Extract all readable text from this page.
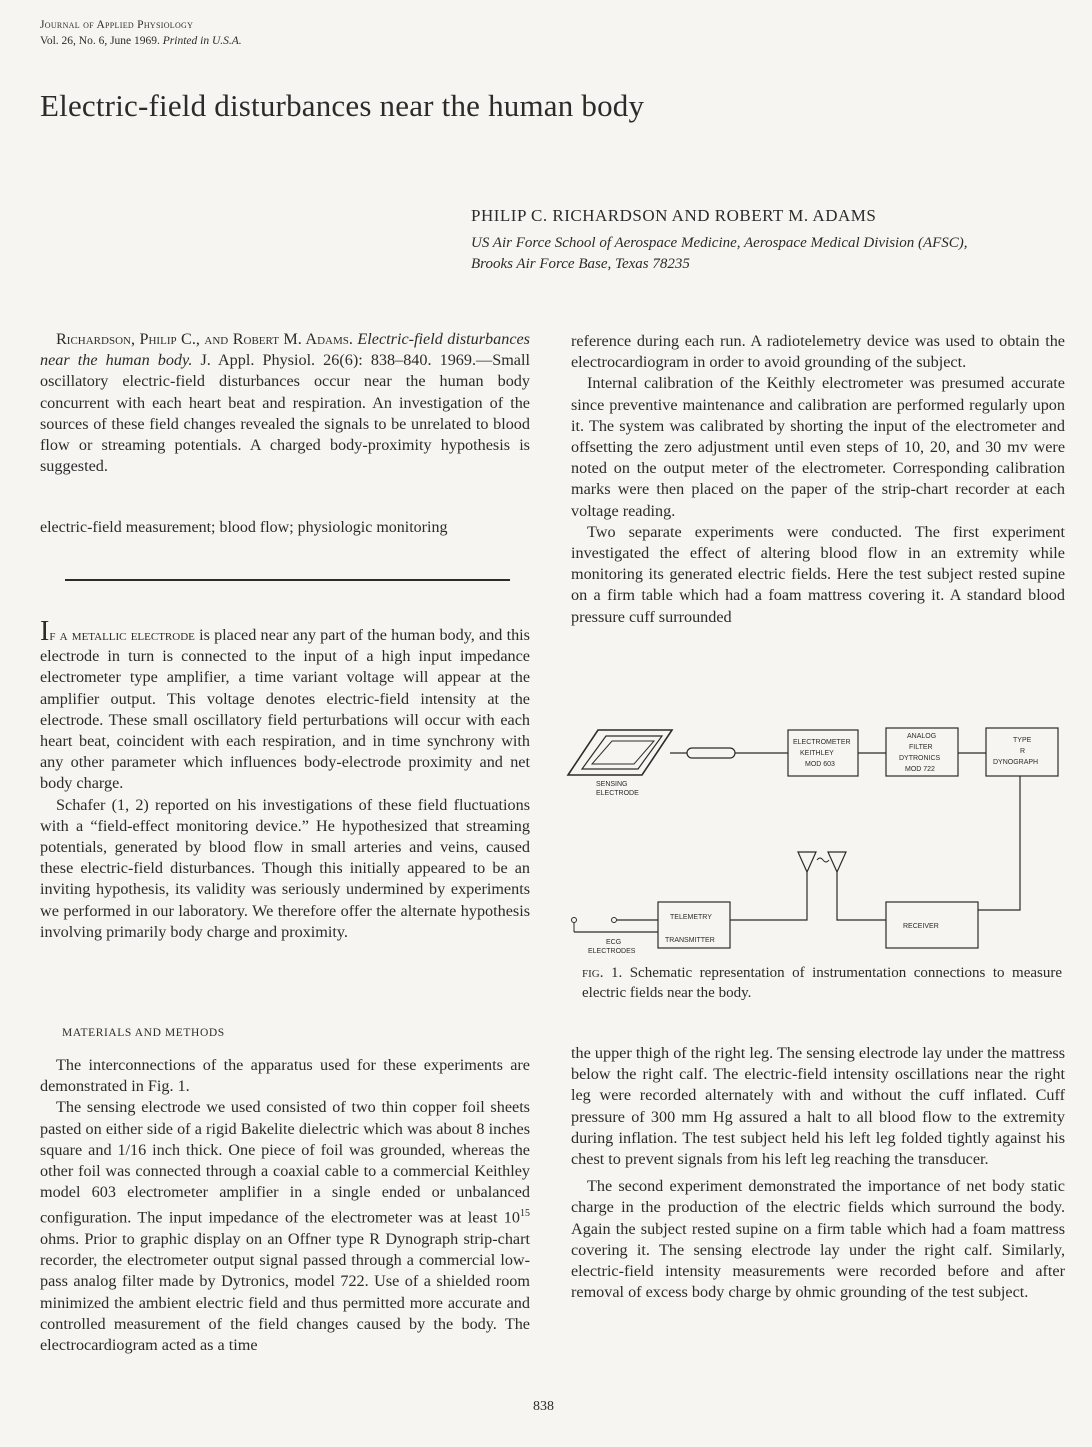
Journal of Applied Physiology
Vol. 26, No. 6, June 1969. Printed in U.S.A.
Electric-field disturbances near the human body
PHILIP C. RICHARDSON AND ROBERT M. ADAMS
US Air Force School of Aerospace Medicine, Aerospace Medical Division (AFSC),
Brooks Air Force Base, Texas 78235

Richardson, Philip C., and Robert M. Adams. Electric-field disturbances near the human body. J. Appl. Physiol. 26(6): 838–840. 1969.—Small oscillatory electric-field disturbances occur near the human body concurrent with each heart beat and respiration. An investigation of the sources of these field changes revealed the signals to be unrelated to blood flow or streaming potentials. A charged body-proximity hypothesis is suggested.

electric-field measurement; blood flow; physiologic monitoring

If a metallic electrode is placed near any part of the human body, and this electrode in turn is connected to the input of a high input impedance electrometer type amplifier, a time variant voltage will appear at the amplifier output. This voltage denotes electric-field intensity at the electrode. These small oscillatory field perturbations will occur with each heart beat, coincident with each respiration, and in time synchrony with any other parameter which influences body-electrode proximity and net body charge.

Schafer (1, 2) reported on his investigations of these field fluctuations with a “field-effect monitoring device.” He hypothesized that streaming potentials, generated by blood flow in small arteries and veins, caused these electric-field disturbances. Though this initially appeared to be an inviting hypothesis, its validity was seriously undermined by experiments we performed in our laboratory. We therefore offer the alternate hypothesis involving primarily body charge and proximity.

MATERIALS AND METHODS

The interconnections of the apparatus used for these experiments are demonstrated in Fig. 1.

The sensing electrode we used consisted of two thin copper foil sheets pasted on either side of a rigid Bakelite dielectric which was about 8 inches square and 1/16 inch thick. One piece of foil was grounded, whereas the other foil was connected through a coaxial cable to a commercial Keithley model 603 electrometer amplifier in a single ended or unbalanced configuration. The input impedance of the electrometer was at least $10^{15}$ ohms. Prior to graphic display on an Offner type R Dynograph strip-chart recorder, the electrometer output signal passed through a commercial low-pass analog filter made by Dytronics, model 722. Use of a shielded room minimized the ambient electric field and thus permitted more accurate and controlled measurement of the field changes caused by the body. The electrocardiogram acted as a time

reference during each run. A radiotelemetry device was used to obtain the electrocardiogram in order to avoid grounding of the subject.

Internal calibration of the Keithly electrometer was presumed accurate since preventive maintenance and calibration are performed regularly upon it. The system was calibrated by shorting the input of the electrometer and offsetting the zero adjustment until even steps of 10, 20, and 30 mv were noted on the output meter of the electrometer. Corresponding calibration marks were then placed on the paper of the strip-chart recorder at each voltage reading.

Two separate experiments were conducted. The first experiment investigated the effect of altering blood flow in an extremity while monitoring its generated electric fields. Here the test subject rested supine on a firm table which had a foam mattress covering it. A standard blood pressure cuff surrounded

SENSING
ELECTRODE
ELECTROMETER
KEITHLEY
MOD 603
ANALOG
FILTER
DYTRONICS
MOD 722
TYPE
R
DYNOGRAPH
RECEIVER
TELEMETRY
TRANSMITTER
ECG
ELECTRODES
fig. 1. Schematic representation of instrumentation connections to measure electric fields near the body.

the upper thigh of the right leg. The sensing electrode lay under the mattress below the right calf. The electric-field intensity oscillations near the right leg were recorded alternately with and without the cuff inflated. Cuff pressure of 300 mm Hg assured a halt to all blood flow to the extremity during inflation. The test subject held his left leg folded tightly against his chest to prevent signals from his left leg reaching the transducer.

The second experiment demonstrated the importance of net body static charge in the production of the electric fields which surround the body. Again the subject rested supine on a firm table which had a foam mattress covering it. The sensing electrode lay under the right calf. Similarly, electric-field intensity measurements were recorded before and after removal of excess body charge by ohmic grounding of the test subject.

838
